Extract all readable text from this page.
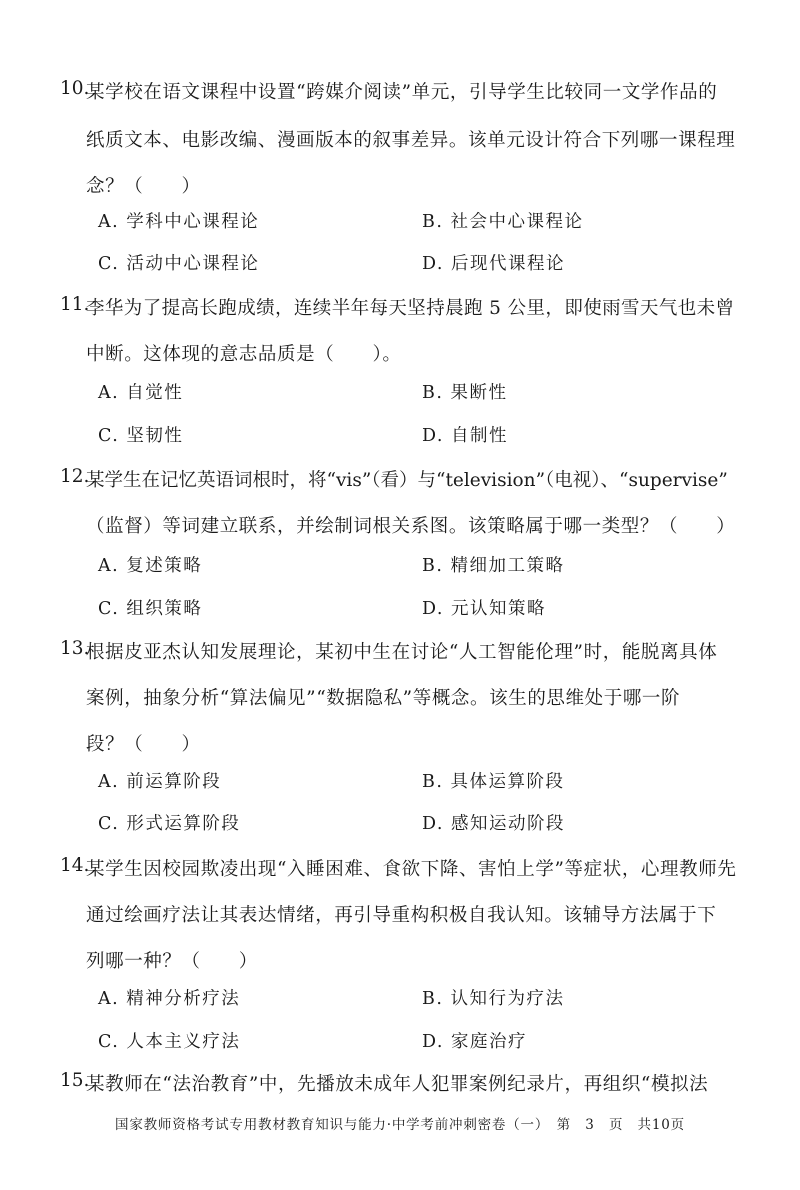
10.
某学校在语文课程中设置“跨媒介阅读”单元，引导学生比较同一文学作品的
纸质文本、电影改编、漫画版本的叙事差异。该单元设计符合下列哪一课程理
念？（　　）
A. 学科中心课程论	B. 社会中心课程论
C. 活动中心课程论	D. 后现代课程论
11.
李华为了提高长跑成绩，连续半年每天坚持晨跑 5 公里，即使雨雪天气也未曾
中断。这体现的意志品质是（　　）。
A. 自觉性	B. 果断性
C. 坚韧性	D. 自制性
12.
某学生在记忆英语词根时，将“vis”（看）与“television”（电视）、“supervise”
（监督）等词建立联系，并绘制词根关系图。该策略属于哪一类型？（　　）
A. 复述策略	B. 精细加工策略
C. 组织策略	D. 元认知策略
13.
根据皮亚杰认知发展理论，某初中生在讨论“人工智能伦理”时，能脱离具体
案例，抽象分析“算法偏见”“数据隐私”等概念。该生的思维处于哪一阶
段？（　　）
A. 前运算阶段	B. 具体运算阶段
C. 形式运算阶段	D. 感知运动阶段
14.
某学生因校园欺凌出现“入睡困难、食欲下降、害怕上学”等症状，心理教师先
通过绘画疗法让其表达情绪，再引导重构积极自我认知。该辅导方法属于下
列哪一种？（　　）
A. 精神分析疗法	B. 认知行为疗法
C. 人本主义疗法	D. 家庭治疗
15.
某教师在“法治教育”中，先播放未成年人犯罪案例纪录片，再组织“模拟法
国家教师资格考试专用教材教育知识与能力·中学考前冲刺密卷（一）　第　3　页　共10页
